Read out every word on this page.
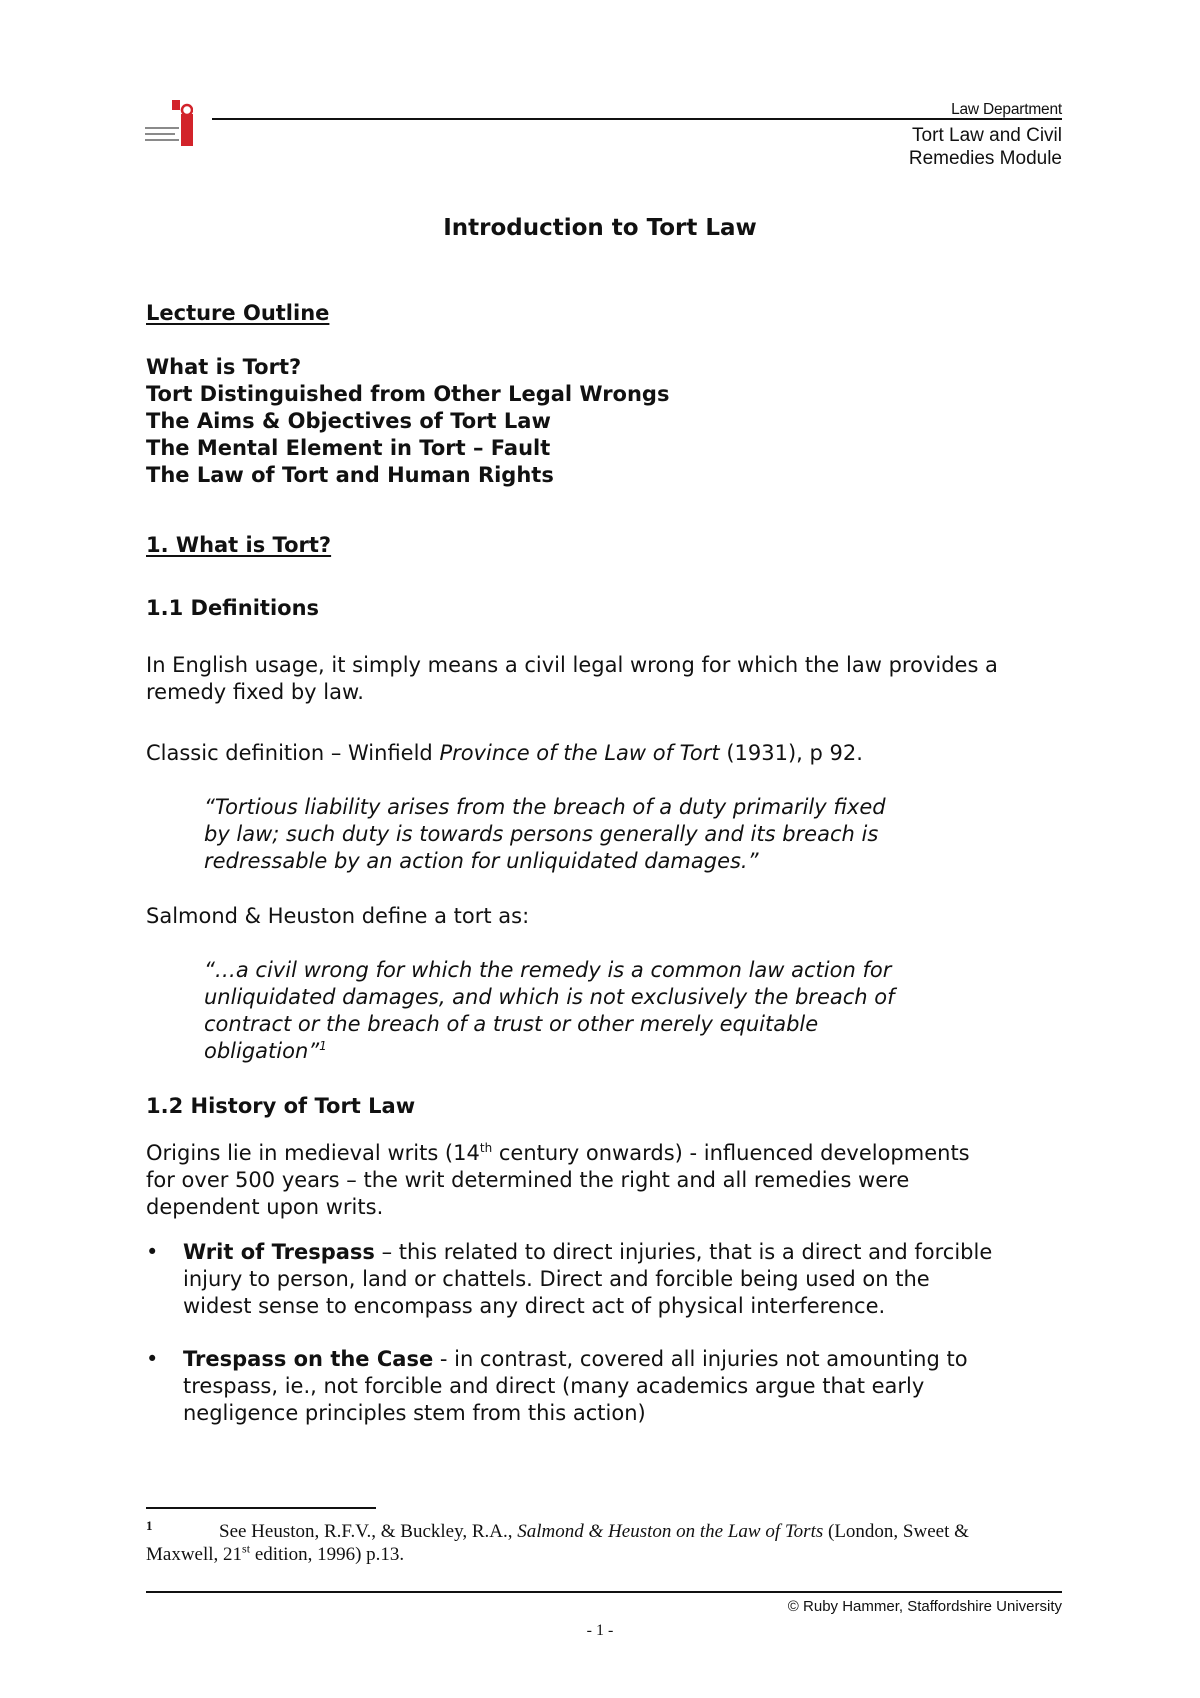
Law Department
Tort Law and Civil
Remedies Module
Introduction to Tort Law
Lecture Outline
What is Tort?
Tort Distinguished from Other Legal Wrongs
The Aims & Objectives of Tort Law
The Mental Element in Tort – Fault
The Law of Tort and Human Rights
1. What is Tort?
1.1 Definitions
In English usage, it simply means a civil legal wrong for which the law provides a
remedy fixed by law.
Classic definition – Winfield Province of the Law of Tort (1931), p 92.
“Tortious liability arises from the breach of a duty primarily fixed
by law; such duty is towards persons generally and its breach is
redressable by an action for unliquidated damages.”
Salmond & Heuston define a tort as:
“…a civil wrong for which the remedy is a common law action for
unliquidated damages, and which is not exclusively the breach of
contract or the breach of a trust or other merely equitable
obligation”$^1$
1.2 History of Tort Law
Origins lie in medieval writs (14th century onwards) - influenced developments
for over 500 years – the writ determined the right and all remedies were
dependent upon writs.
• Writ of Trespass – this related to direct injuries, that is a direct and forcible
injury to person, land or chattels. Direct and forcible being used on the
widest sense to encompass any direct act of physical interference.
• Trespass on the Case - in contrast, covered all injuries not amounting to
trespass, ie., not forcible and direct (many academics argue that early
negligence principles stem from this action)
1	See Heuston, R.F.V., & Buckley, R.A., Salmond & Heuston on the Law of Torts (London, Sweet &
Maxwell, 21st edition, 1996) p.13.
© Ruby Hammer, Staffordshire University
- 1 -
